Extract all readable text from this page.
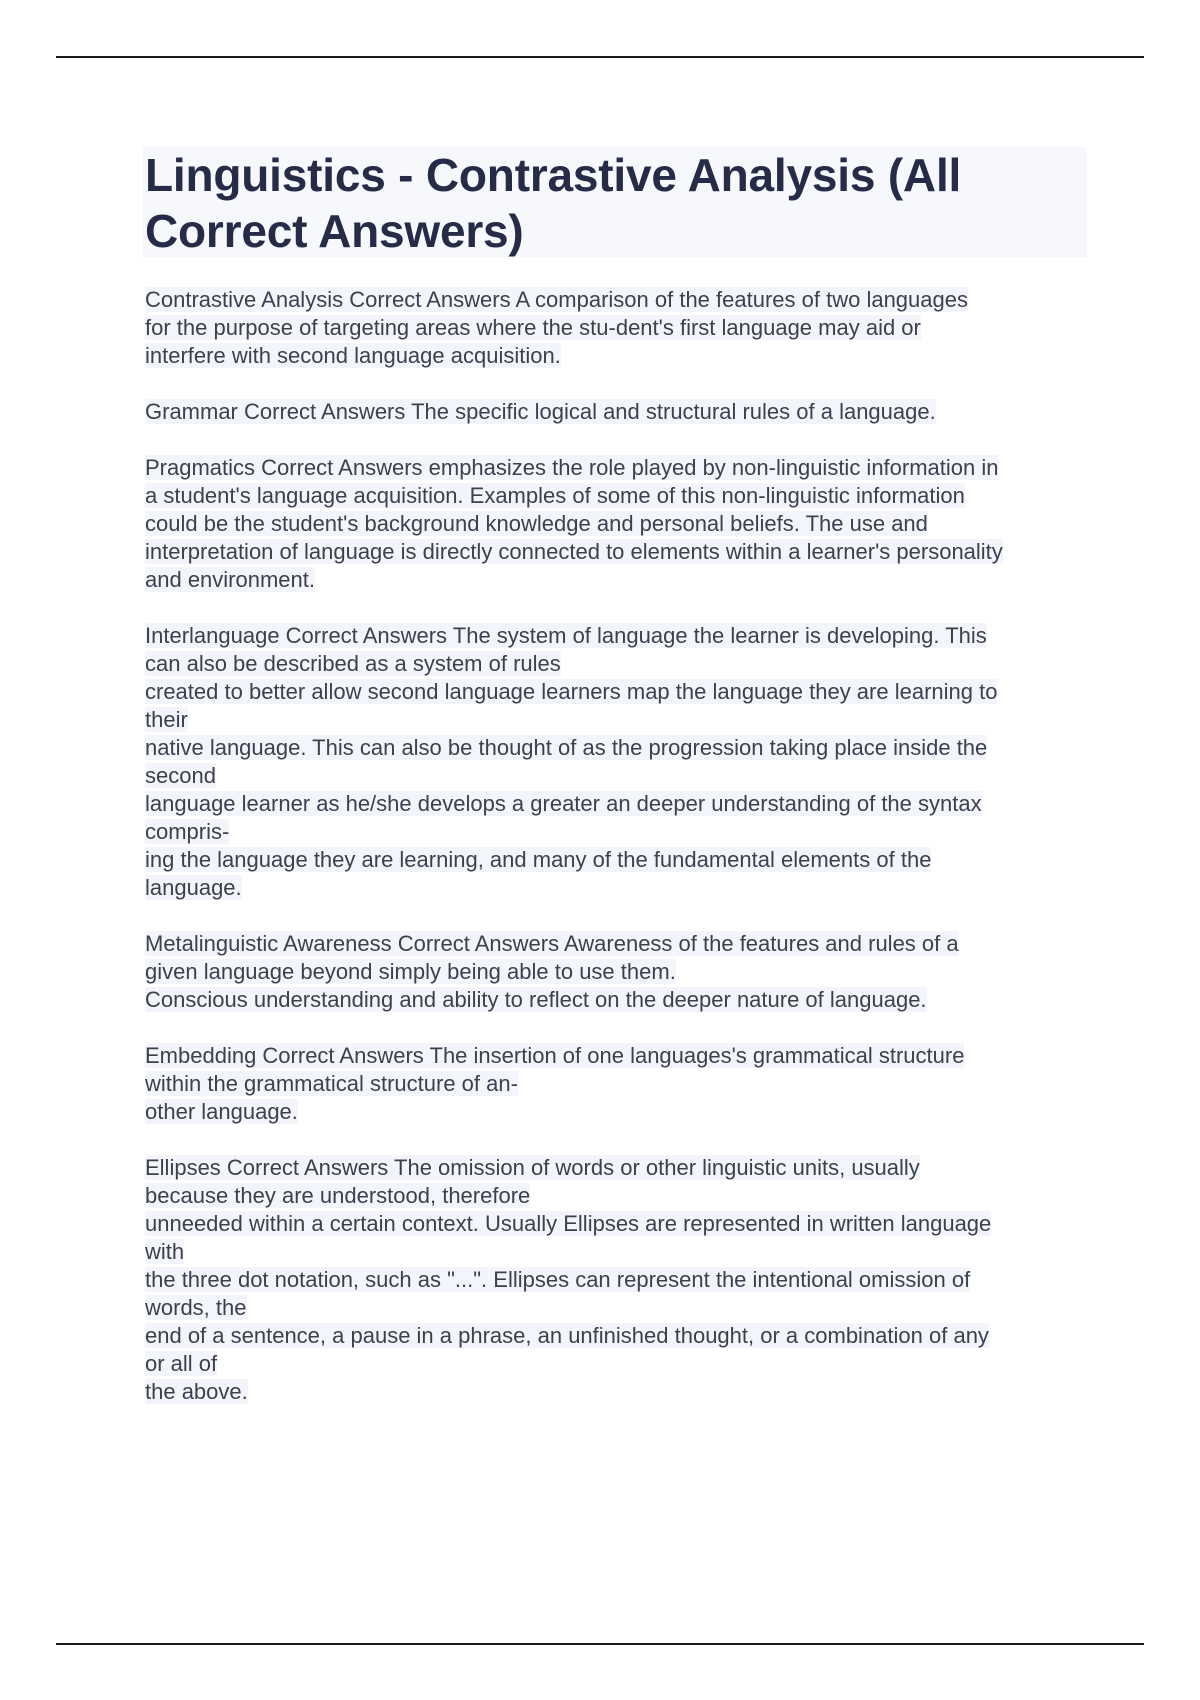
Linguistics - Contrastive Analysis (All
Correct Answers)
Contrastive Analysis Correct Answers A comparison of the features of two languages
for the purpose of targeting areas where the stu-dent's first language may aid or
interfere with second language acquisition.
Grammar Correct Answers The specific logical and structural rules of a language.
Pragmatics Correct Answers emphasizes the role played by non-linguistic information in
a student's language acquisition. Examples of some of this non-linguistic information
could be the student's background knowledge and personal beliefs. The use and
interpretation of language is directly connected to elements within a learner's personality
and environment.
Interlanguage Correct Answers The system of language the learner is developing. This
can also be described as a system of rules
created to better allow second language learners map the language they are learning to
their
native language. This can also be thought of as the progression taking place inside the
second
language learner as he/she develops a greater an deeper understanding of the syntax
compris-
ing the language they are learning, and many of the fundamental elements of the
language.
Metalinguistic Awareness Correct Answers Awareness of the features and rules of a
given language beyond simply being able to use them.
Conscious understanding and ability to reflect on the deeper nature of language.
Embedding Correct Answers The insertion of one languages's grammatical structure
within the grammatical structure of an-
other language.
Ellipses Correct Answers The omission of words or other linguistic units, usually
because they are understood, therefore
unneeded within a certain context. Usually Ellipses are represented in written language
with
the three dot notation, such as "...". Ellipses can represent the intentional omission of
words, the
end of a sentence, a pause in a phrase, an unfinished thought, or a combination of any
or all of
the above.
